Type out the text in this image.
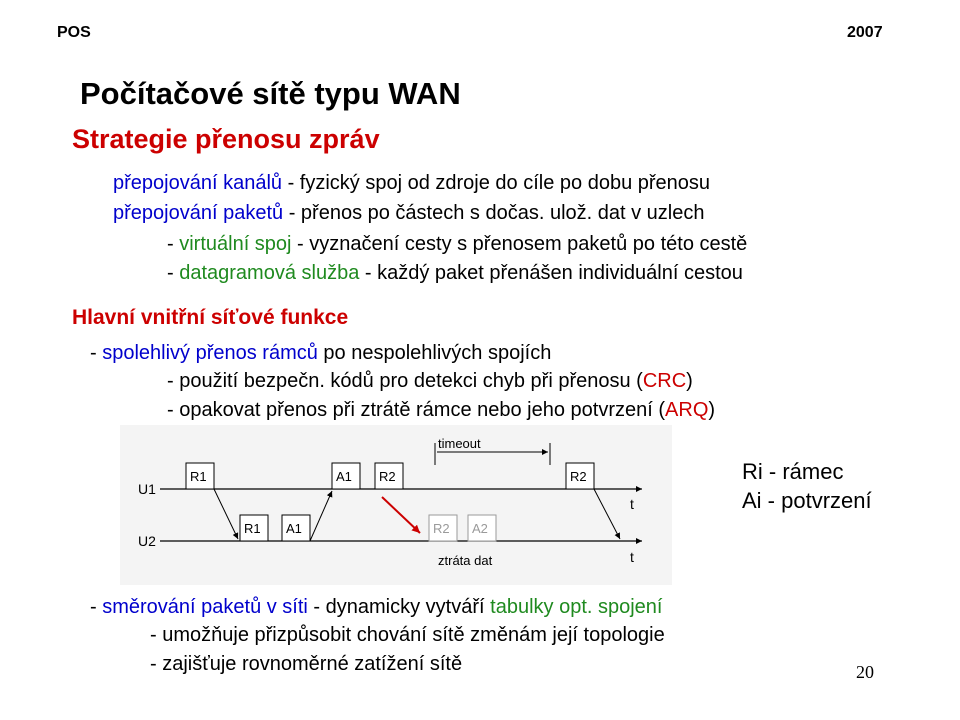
POS	2007
Počítačové sítě typu WAN
Strategie přenosu zpráv
přepojování kanálů - fyzický spoj od zdroje do cíle po dobu přenosu
přepojování paketů - přenos po částech s dočas. ulož. dat v uzlech
- virtuální spoj - vyznačení cesty s přenosem paketů po této cestě
- datagramová služba - každý paket přenášen individuální cestou
Hlavní vnitřní síťové funkce
- spolehlivý přenos rámců po nespolehlivých spojích
- použití bezpečn. kódů pro detekci chyb při přenosu (CRC)
- opakovat přenos při ztrátě rámce nebo jeho potvrzení (ARQ)
timeout
U1
t
U2
t
R1	A1 R2	R2
R1 A1	R2 A2
ztráta dat
Ri - rámec
Ai - potvrzení
- směrování paketů v síti - dynamicky vytváří tabulky opt. spojení
- umožňuje přizpůsobit chování sítě změnám její topologie
- zajišťuje rovnoměrné zatížení sítě	20
